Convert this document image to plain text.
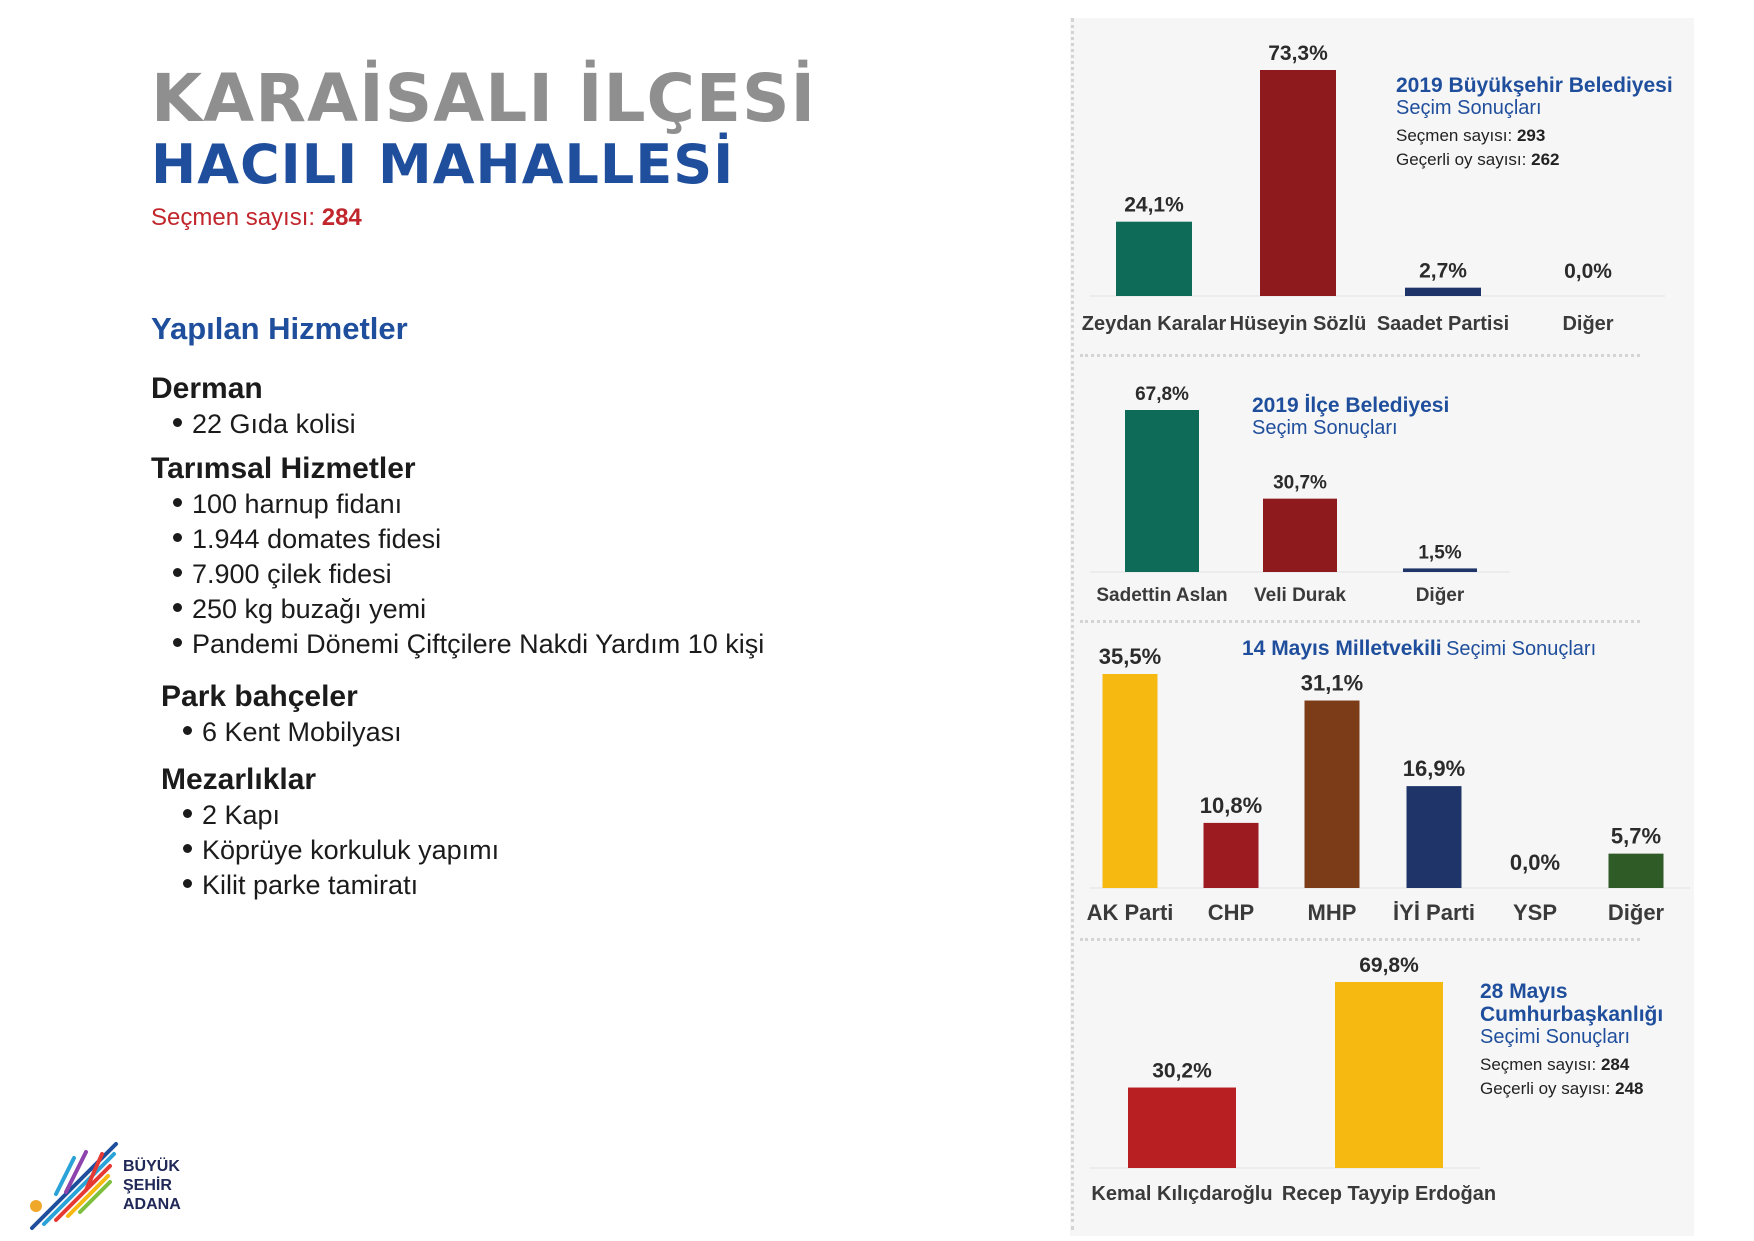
KARAİSALI İLÇESİ
HACILI MAHALLESİ
Seçmen sayısı: 284
Yapılan Hizmetler
Derman
22 Gıda kolisi
Tarımsal Hizmetler
100 harnup fidanı
1.944 domates fidesi
7.900 çilek fidesi
250 kg buzağı yemi
Pandemi Dönemi Çiftçilere Nakdi Yardım 10 kişi
Park bahçeler
6 Kent Mobilyası
Mezarlıklar
2 Kapı
Köprüye korkuluk yapımı
Kilit parke tamiratı
BÜYÜK
ŞEHİR
ADANA
24,1%
Zeydan Karalar
73,3%
Hüseyin Sözlü
2,7%
Saadet Partisi
0,0%
Diğer
67,8%
Sadettin Aslan
30,7%
Veli Durak
1,5%
Diğer
35,5%
AK Parti
10,8%
CHP
31,1%
MHP
16,9%
İYİ Parti
0,0%
YSP
5,7%
Diğer
30,2%
Kemal Kılıçdaroğlu
69,8%
Recep Tayyip Erdoğan
2019 Büyükşehir Belediyesi
Seçim Sonuçları
Seçmen sayısı: 293
Geçerli oy sayısı: 262
2019 İlçe Belediyesi
Seçim Sonuçları
14 Mayıs Milletvekili Seçimi Sonuçları
28 Mayıs
Cumhurbaşkanlığı
Seçimi Sonuçları
Seçmen sayısı: 284
Geçerli oy sayısı: 248
